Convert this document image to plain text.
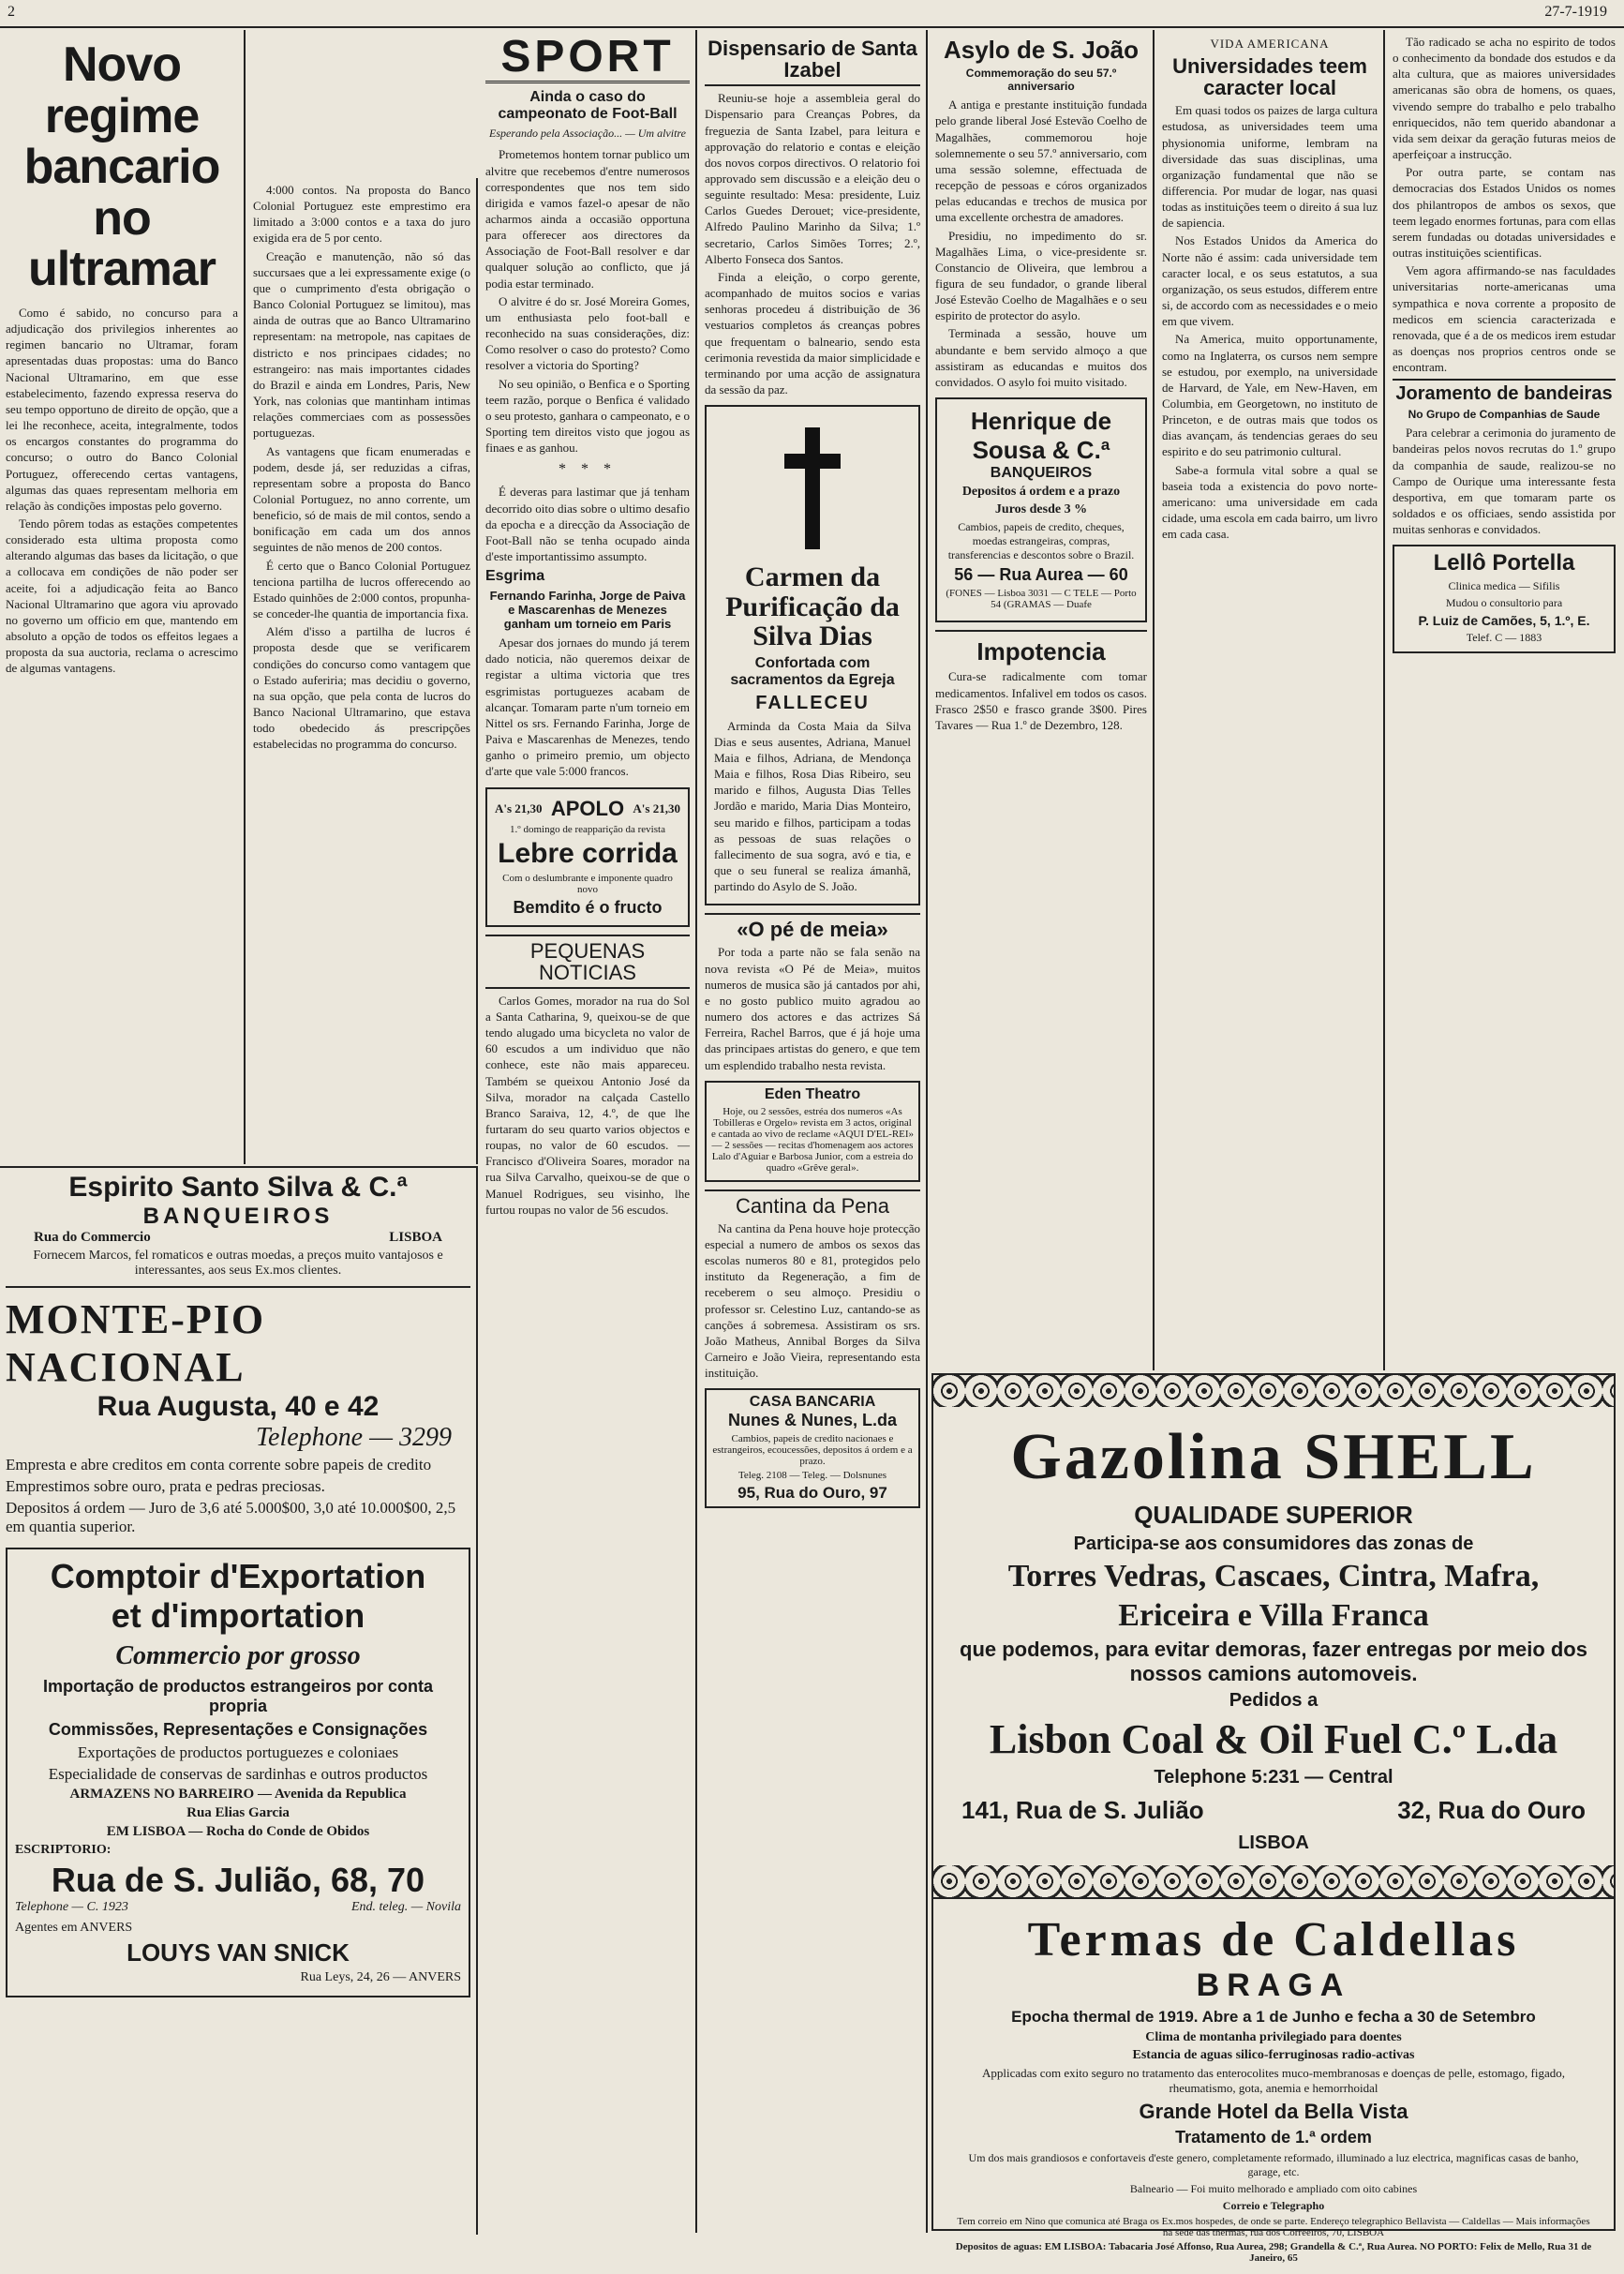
2	27-7-1919
Novo regime bancario no ultramar

Como é sabido, no concurso para a adjudicação dos privilegios inherentes ao regimen bancario no Ultramar, foram apresentadas duas propostas: uma do Banco Nacional Ultramarino, em que esse estabelecimento, fazendo expressa reserva do seu tempo opportuno de direito de opção, que a lei lhe reconhece, aceita, integralmente, todos os encargos constantes do programma do concurso; o outro do Banco Colonial Portuguez, offerecendo certas vantagens, algumas das quaes representam melhoria em relação às condições impostas pelo governo.

Tendo pôrem todas as estações competentes considerado esta ultima proposta como alterando algumas das bases da licitação, o que a collocava em condições de não poder ser aceite, foi a adjudicação feita ao Banco Nacional Ultramarino que agora viu aprovado no governo um officio em que, mantendo em absoluto a opção de todos os effeitos legaes a proposta da sua auctoria, reclama o acrescimo de algumas vantagens.

4:000 contos. Na proposta do Banco Colonial Portuguez este emprestimo era limitado a 3:000 contos e a taxa do juro exigida era de 5 por cento.

Creação e manutenção, não só das succursaes que a lei expressamente exige (o que o cumprimento d'esta obrigação o Banco Colonial Portuguez se limitou), mas ainda de outras que ao Banco Ultramarino representam: na metropole, nas capitaes de districto e nos principaes cidades; no estrangeiro: nas mais importantes cidades do Brazil e ainda em Londres, Paris, New York, nas colonias que mantinham intimas relações commerciaes com as possessões portuguezas.

As vantagens que ficam enumeradas e podem, desde já, ser reduzidas a cifras, representam sobre a proposta do Banco Colonial Portuguez, no anno corrente, um beneficio, só de mais de mil contos, sendo a bonificação em cada um dos annos seguintes de não menos de 200 contos.

É certo que o Banco Colonial Portuguez tenciona partilha de lucros offerecendo ao Estado quinhões de 2:000 contos, propunha-se conceder-lhe quantia de importancia fixa.

Além d'isso a partilha de lucros é proposta desde que se verificarem condições do concurso como vantagem que o Estado auferiria; mas decidiu o governo, na sua opção, que pela conta de lucros do Banco Nacional Ultramarino, que estava todo obedecido ás prescripções estabelecidas no programma do concurso.

Espirito Santo Silva & C.ª
BANQUEIROS
Rua do Commercio	LISBOA
Fornecem Marcos, fel romaticos e outras moedas, a preços muito vantajosos e interessantes, aos seus Ex.mos clientes.
MONTE-PIO NACIONAL
Rua Augusta, 40 e 42
Telephone — 3299
Empresta e abre creditos em conta corrente sobre papeis de credito
Emprestimos sobre ouro, prata e pedras preciosas.
Depositos á ordem — Juro de 3,6 até 5.000$00, 3,0 até 10.000$00, 2,5 em quantia superior.
Comptoir d'Exportation
et d'importation
Commercio por grosso
Importação de productos estrangeiros por conta propria
Commissões, Representações e Consignações
Exportações de productos portuguezes e coloniaes
Especialidade de conservas de sardinhas e outros productos
ARMAZENS NO BARREIRO — Avenida da Republica
Rua Elias Garcia
EM LISBOA — Rocha do Conde de Obidos
ESCRIPTORIO:
Rua de S. Julião, 68, 70
Telephone — C. 1923	End. teleg. — Novila
Agentes em ANVERS
LOUYS VAN SNICK
Rua Leys, 24, 26 — ANVERS
SPORT
Ainda o caso do campeonato de Foot-Ball
Esperando pela Associação... — Um alvitre

Prometemos hontem tornar publico um alvitre que recebemos d'entre numerosos correspondentes que nos tem sido dirigida e vamos fazel-o apesar de não acharmos ainda a occasião opportuna para offerecer aos directores da Associação de Foot-Ball resolver e dar qualquer solução ao conflicto, que já podia estar terminado.

O alvitre é do sr. José Moreira Gomes, um enthusiasta pelo foot-ball e reconhecido na suas considerações, diz: Como resolver o caso do protesto? Como resolver a victoria do Sporting?

No seu opinião, o Benfica e o Sporting teem razão, porque o Benfica é validado o seu protesto, ganhara o campeonato, e o Sporting tem direitos visto que jogou as finaes e as ganhou.

* * *

É deveras para lastimar que já tenham decorrido oito dias sobre o ultimo desafio da epocha e a direcção da Associação de Foot-Ball não se tenha ocupado ainda d'este importantissimo assumpto.

Esgrima
Fernando Farinha, Jorge de Paiva e Mascarenhas de Menezes ganham um torneio em Paris

Apesar dos jornaes do mundo já terem dado noticia, não queremos deixar de registar a ultima victoria que tres esgrimistas portuguezes acabam de alcançar. Tomaram parte n'um torneio em Nittel os srs. Fernando Farinha, Jorge de Paiva e Mascarenhas de Menezes, tendo ganho o primeiro premio, um objecto d'arte que vale 5:000 francos.

A's 21,30 APOLO A's 21,30
1.º domingo de reapparição da revista
Lebre corrida
Com o deslumbrante e imponente quadro novo
Bemdito é o fructo
PEQUENAS NOTICIAS

Carlos Gomes, morador na rua do Sol a Santa Catharina, 9, queixou-se de que tendo alugado uma bicycleta no valor de 60 escudos a um individuo que não conhece, este não mais appareceu. Também se queixou Antonio José da Silva, morador na calçada Castello Branco Saraiva, 12, 4.º, de que lhe furtaram do seu quarto varios objectos e roupas, no valor de 60 escudos. — Francisco d'Oliveira Soares, morador na rua Silva Carvalho, queixou-se de que o Manuel Rodrigues, seu visinho, lhe furtou roupas no valor de 56 escudos.

Dispensario de Santa Izabel

Reuniu-se hoje a assembleia geral do Dispensario para Creanças Pobres, da freguezia de Santa Izabel, para leitura e approvação do relatorio e contas e eleição dos novos corpos directivos. O relatorio foi approvado sem discussão e a eleição deu o seguinte resultado: Mesa: presidente, Luiz Carlos Guedes Derouet; vice-presidente, Alfredo Paulino Marinho da Silva; 1.º secretario, Carlos Simões Torres; 2.º, Alberto Fonseca dos Santos.

Finda a eleição, o corpo gerente, acompanhado de muitos socios e varias senhoras procedeu á distribuição de 36 vestuarios completos ás creanças pobres que frequentam o balneario, sendo esta cerimonia revestida da maior simplicidade e terminando por uma acção de assignatura da sessão da paz.

Carmen da Purificação da Silva Dias
Confortada com sacramentos da Egreja
FALLECEU

Arminda da Costa Maia da Silva Dias e seus ausentes, Adriana, Manuel Maia e filhos, Adriana, de Mendonça Maia e filhos, Rosa Dias Ribeiro, seu marido e filhos, Augusta Dias Telles Jordão e marido, Maria Dias Monteiro, seu marido e filhos, participam a todas as pessoas de suas relações o fallecimento de sua sogra, avó e tia, e que o seu funeral se realiza ámanhã, partindo do Asylo de S. João.

«O pé de meia»

Por toda a parte não se fala senão na nova revista «O Pé de Meia», muitos numeros de musica são já cantados por ahi, e no gosto publico muito agradou ao numero dos actores e das actrizes Sá Ferreira, Rachel Barros, que é já hoje uma das principaes artistas do genero, e que tem um esplendido trabalho nesta revista.

Eden Theatro
Hoje, ou 2 sessões, estréa dos numeros «As Tobilleras e Orgelo» revista em 3 actos, original e cantada ao vivo de reclame «AQUI D'EL-REI» — 2 sessões — recitas d'homenagem aos actores Lalo d'Aguiar e Barbosa Junior, com a estreia do quadro «Grêve geral».
Cantina da Pena

Na cantina da Pena houve hoje protecção especial a numero de ambos os sexos das escolas numeros 80 e 81, protegidos pelo instituto da Regeneração, a fim de receberem o seu almoço. Presidiu o professor sr. Celestino Luz, cantando-se as canções á sobremesa. Assistiram os srs. João Matheus, Annibal Borges da Silva Carneiro e João Vieira, representando esta instituição.

CASA BANCARIA
Nunes & Nunes, L.da
Cambios, papeis de credito nacionaes e estrangeiros, ecoucessões, depositos á ordem e a prazo.
Teleg. 2108 — Teleg. — Dolsnunes
95, Rua do Ouro, 97
Asylo de S. João
Commemoração do seu 57.º anniversario

A antiga e prestante instituição fundada pelo grande liberal José Estevão Coelho de Magalhães, commemorou hoje solemnemente o seu 57.º anniversario, com uma sessão solemne, effectuada de recepção de pessoas e córos organizados pelas educandas e trechos de musica por uma excellente orchestra de amadores.

Presidiu, no impedimento do sr. Magalhães Lima, o vice-presidente sr. Constancio de Oliveira, que lembrou a figura de seu fundador, o grande liberal José Estevão Coelho de Magalhães e o seu espirito de protector do asylo.

Terminada a sessão, houve um abundante e bem servido almoço a que assistiram as educandas e muitos dos convidados. O asylo foi muito visitado.

Henrique de Sousa & C.ª
BANQUEIROS
Depositos á ordem e a prazo
Juros desde 3 %
Cambios, papeis de credito, cheques, moedas estrangeiras, compras, transferencias e descontos sobre o Brazil.
56 — Rua Aurea — 60
(FONES — Lisboa 3031 — C TELE — Porto 54 (GRAMAS — Duafe
Impotencia

Cura-se radicalmente com tomar medicamentos. Infalivel em todos os casos. Frasco 2$50 e frasco grande 3$00. Pires Tavares — Rua 1.º de Dezembro, 128.

VIDA AMERICANA
Universidades teem caracter local

Em quasi todos os paizes de larga cultura estudosa, as universidades teem uma physionomia uniforme, lembram na diversidade das suas disciplinas, uma organização fundamental que não se differencia. Por mudar de logar, nas quasi todas as instituições teem o direito á sua luz de sapiencia.

Nos Estados Unidos da America do Norte não é assim: cada universidade tem caracter local, e os seus estatutos, a sua organização, os seus estudos, differem entre si, de accordo com as necessidades e o meio em que vivem.

Na America, muito opportunamente, como na Inglaterra, os cursos nem sempre se estudou, por exemplo, na universidade de Harvard, de Yale, em New-Haven, em Columbia, em Georgetown, no instituto de Princeton, e de outras mais que todos os dias avançam, ás tendencias geraes do seu espirito e do seu patrimonio cultural.

Sabe-a formula vital sobre a qual se baseia toda a existencia do povo norte-americano: uma universidade em cada cidade, uma escola em cada bairro, um livro em cada casa.

Tão radicado se acha no espirito de todos o conhecimento da bondade dos estudos e da alta cultura, que as maiores universidades americanas são obra de homens, os quaes, vivendo sempre do trabalho e pelo trabalho enriquecidos, não tem querido abandonar a vida sem deixar da geração futuras meios de aperfeiçoar a instrucção.

Por outra parte, se contam nas democracias dos Estados Unidos os nomes dos philantropos de ambos os sexos, que teem legado enormes fortunas, para com ellas serem fundadas ou dotadas universidades e outras instituições scientificas.

Vem agora affirmando-se nas faculdades universitarias norte-americanas uma sympathica e nova corrente a proposito de medicos em sciencia caracterizada e renovada, que é a de os medicos irem estudar as doenças nos proprios centros onde se encontram.

Joramento de bandeiras
No Grupo de Companhias de Saude

Para celebrar a cerimonia do juramento de bandeiras pelos novos recrutas do 1.º grupo da companhia de saude, realizou-se no Campo de Ourique uma interessante festa desportiva, em que tomaram parte os soldados e os officiaes, sendo assistida por muitas senhoras e convidados.

Lellô Portella
Clinica medica — Sifilis
Mudou o consultorio para
P. Luiz de Camões, 5, 1.º, E.
Telef. C — 1883
Gazolina SHELL
QUALIDADE SUPERIOR
Participa-se aos consumidores das zonas de
Torres Vedras, Cascaes, Cintra, Mafra,
Ericeira e Villa Franca
que podemos, para evitar demoras, fazer entregas por meio dos nossos camions automoveis.
Pedidos a
Lisbon Coal & Oil Fuel C.º L.da
Telephone 5:231 — Central
141, Rua de S. Julião	32, Rua do Ouro
LISBOA
Termas de Caldellas
BRAGA
Epocha thermal de 1919. Abre a 1 de Junho e fecha a 30 de Setembro
Clima de montanha privilegiado para doentes
Estancia de aguas silico-ferruginosas radio-activas
Applicadas com exito seguro no tratamento das enterocolites muco-membranosas e doenças de pelle, estomago, figado, rheumatismo, gota, anemia e hemorrhoidal
Grande Hotel da Bella Vista
Tratamento de 1.ª ordem
Um dos mais grandiosos e confortaveis d'este genero, completamente reformado, illuminado a luz electrica, magnificas casas de banho, garage, etc.
Balneario — Foi muito melhorado e ampliado com oito cabines
Correio e Telegrapho
Tem correio em Nino que comunica até Braga os Ex.mos hospedes, de onde se parte. Endereço telegraphico Bellavista — Caldellas — Mais informações na séde das thermas, rua dos Correeiros, 70, LISBOA
Depositos de aguas: EM LISBOA: Tabacaria José Affonso, Rua Aurea, 298; Grandella & C.ª, Rua Aurea. NO PORTO: Felix de Mello, Rua 31 de Janeiro, 65
